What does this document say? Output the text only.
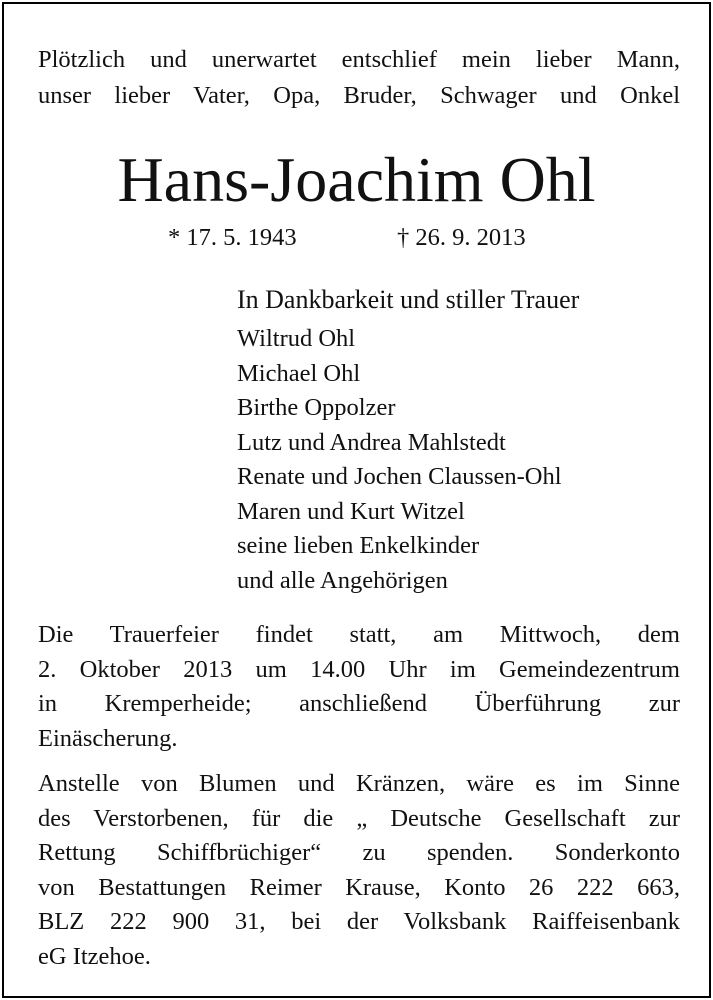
Plötzlich und unerwartet entschlief mein lieber Mann,
unser lieber Vater, Opa, Bruder, Schwager und Onkel
Hans-Joachim Ohl
* 17. 5. 1943	† 26. 9. 2013
In Dankbarkeit und stiller Trauer
Wiltrud Ohl
Michael Ohl
Birthe Oppolzer
Lutz und Andrea Mahlstedt
Renate und Jochen Claussen-Ohl
Maren und Kurt Witzel
seine lieben Enkelkinder
und alle Angehörigen
Die Trauerfeier findet statt, am Mittwoch, dem
2. Oktober 2013 um 14.00 Uhr im Gemeindezentrum
in Kremperheide; anschließend Überführung zur
Einäscherung.
Anstelle von Blumen und Kränzen, wäre es im Sinne
des Verstorbenen, für die „ Deutsche Gesellschaft zur
Rettung Schiffbrüchiger“ zu spenden. Sonderkonto
von Bestattungen Reimer Krause, Konto 26 222 663,
BLZ 222 900 31, bei der Volksbank Raiffeisenbank
eG Itzehoe.
